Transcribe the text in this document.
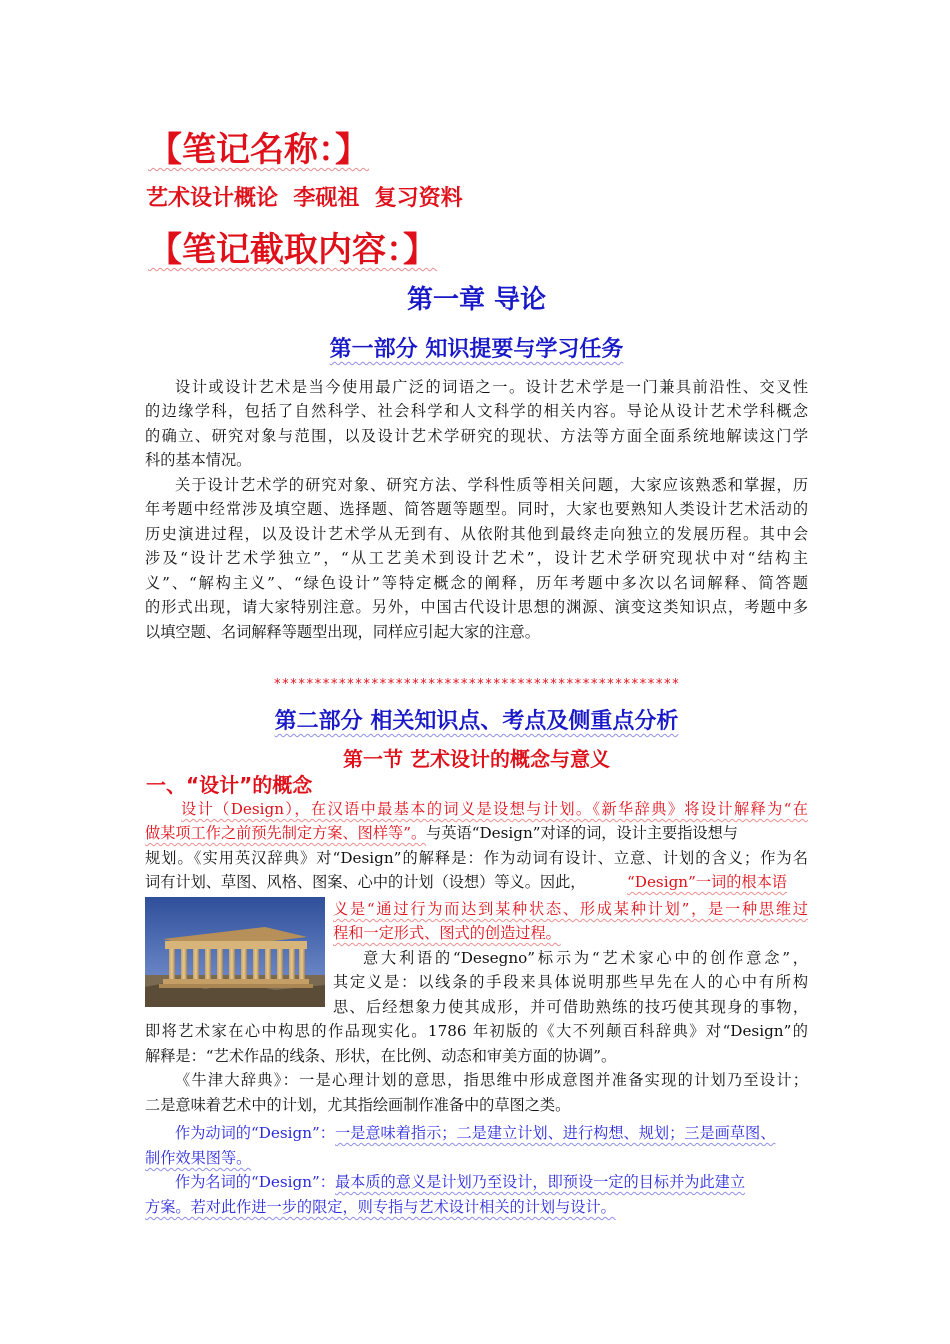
【笔记名称：】
艺术设计概论  李砚祖  复习资料
【笔记截取内容：】
第一章 导论
第一部分 知识提要与学习任务
设计或设计艺术是当今使用最广泛的词语之一。设计艺术学是一门兼具前沿性、交叉性
的边缘学科，包括了自然科学、社会科学和人文科学的相关内容。导论从设计艺术学科概念
的确立、研究对象与范围，以及设计艺术学研究的现状、方法等方面全面系统地解读这门学
科的基本情况。
关于设计艺术学的研究对象、研究方法、学科性质等相关问题，大家应该熟悉和掌握，历
年考题中经常涉及填空题、选择题、简答题等题型。同时，大家也要熟知人类设计艺术活动的
历史演进过程，以及设计艺术学从无到有、从依附其他到最终走向独立的发展历程。其中会
涉及“设计艺术学独立”，“从工艺美术到设计艺术”，设计艺术学研究现状中对“结构主
义”、“解构主义”、“绿色设计”等特定概念的阐释，历年考题中多次以名词解释、简答题
的形式出现，请大家特别注意。另外，中国古代设计思想的渊源、演变这类知识点，考题中多
以填空题、名词解释等题型出现，同样应引起大家的注意。
**************************************************
第二部分 相关知识点、考点及侧重点分析
第一节 艺术设计的概念与意义
一、“设计”的概念
设计（Design），在汉语中最基本的词义是设想与计划。《新华辞典》将设计解释为“在
做某项工作之前预先制定方案、图样等”。与英语“Design”对译的词，设计主要指设想与
规划。《实用英汉辞典》对“Design”的解释是：作为动词有设计、立意、计划的含义；作为名
词有计划、草图、风格、图案、心中的计划（设想）等义。因此，	“Design”一词的根本语
义是“通过行为而达到某种状态、形成某种计划”，是一种思维过
程和一定形式、图式的创造过程。
意大利语的“Desegno”标示为“艺术家心中的创作意念”，
其定义是：以线条的手段来具体说明那些早先在人的心中有所构
思、后经想象力使其成形，并可借助熟练的技巧使其现身的事物，
即将艺术家在心中构思的作品现实化。1786 年初版的《大不列颠百科辞典》对“Design”的
解释是：“艺术作品的线条、形状，在比例、动态和审美方面的协调”。
《牛津大辞典》：一是心理计划的意思，指思维中形成意图并准备实现的计划乃至设计；
二是意味着艺术中的计划，尤其指绘画制作准备中的草图之类。
作为动词的“Design”：一是意味着指示；二是建立计划、进行构想、规划；三是画草图、
制作效果图等。
作为名词的“Design”：最本质的意义是计划乃至设计，即预设一定的目标并为此建立
方案。若对此作进一步的限定，则专指与艺术设计相关的计划与设计。
